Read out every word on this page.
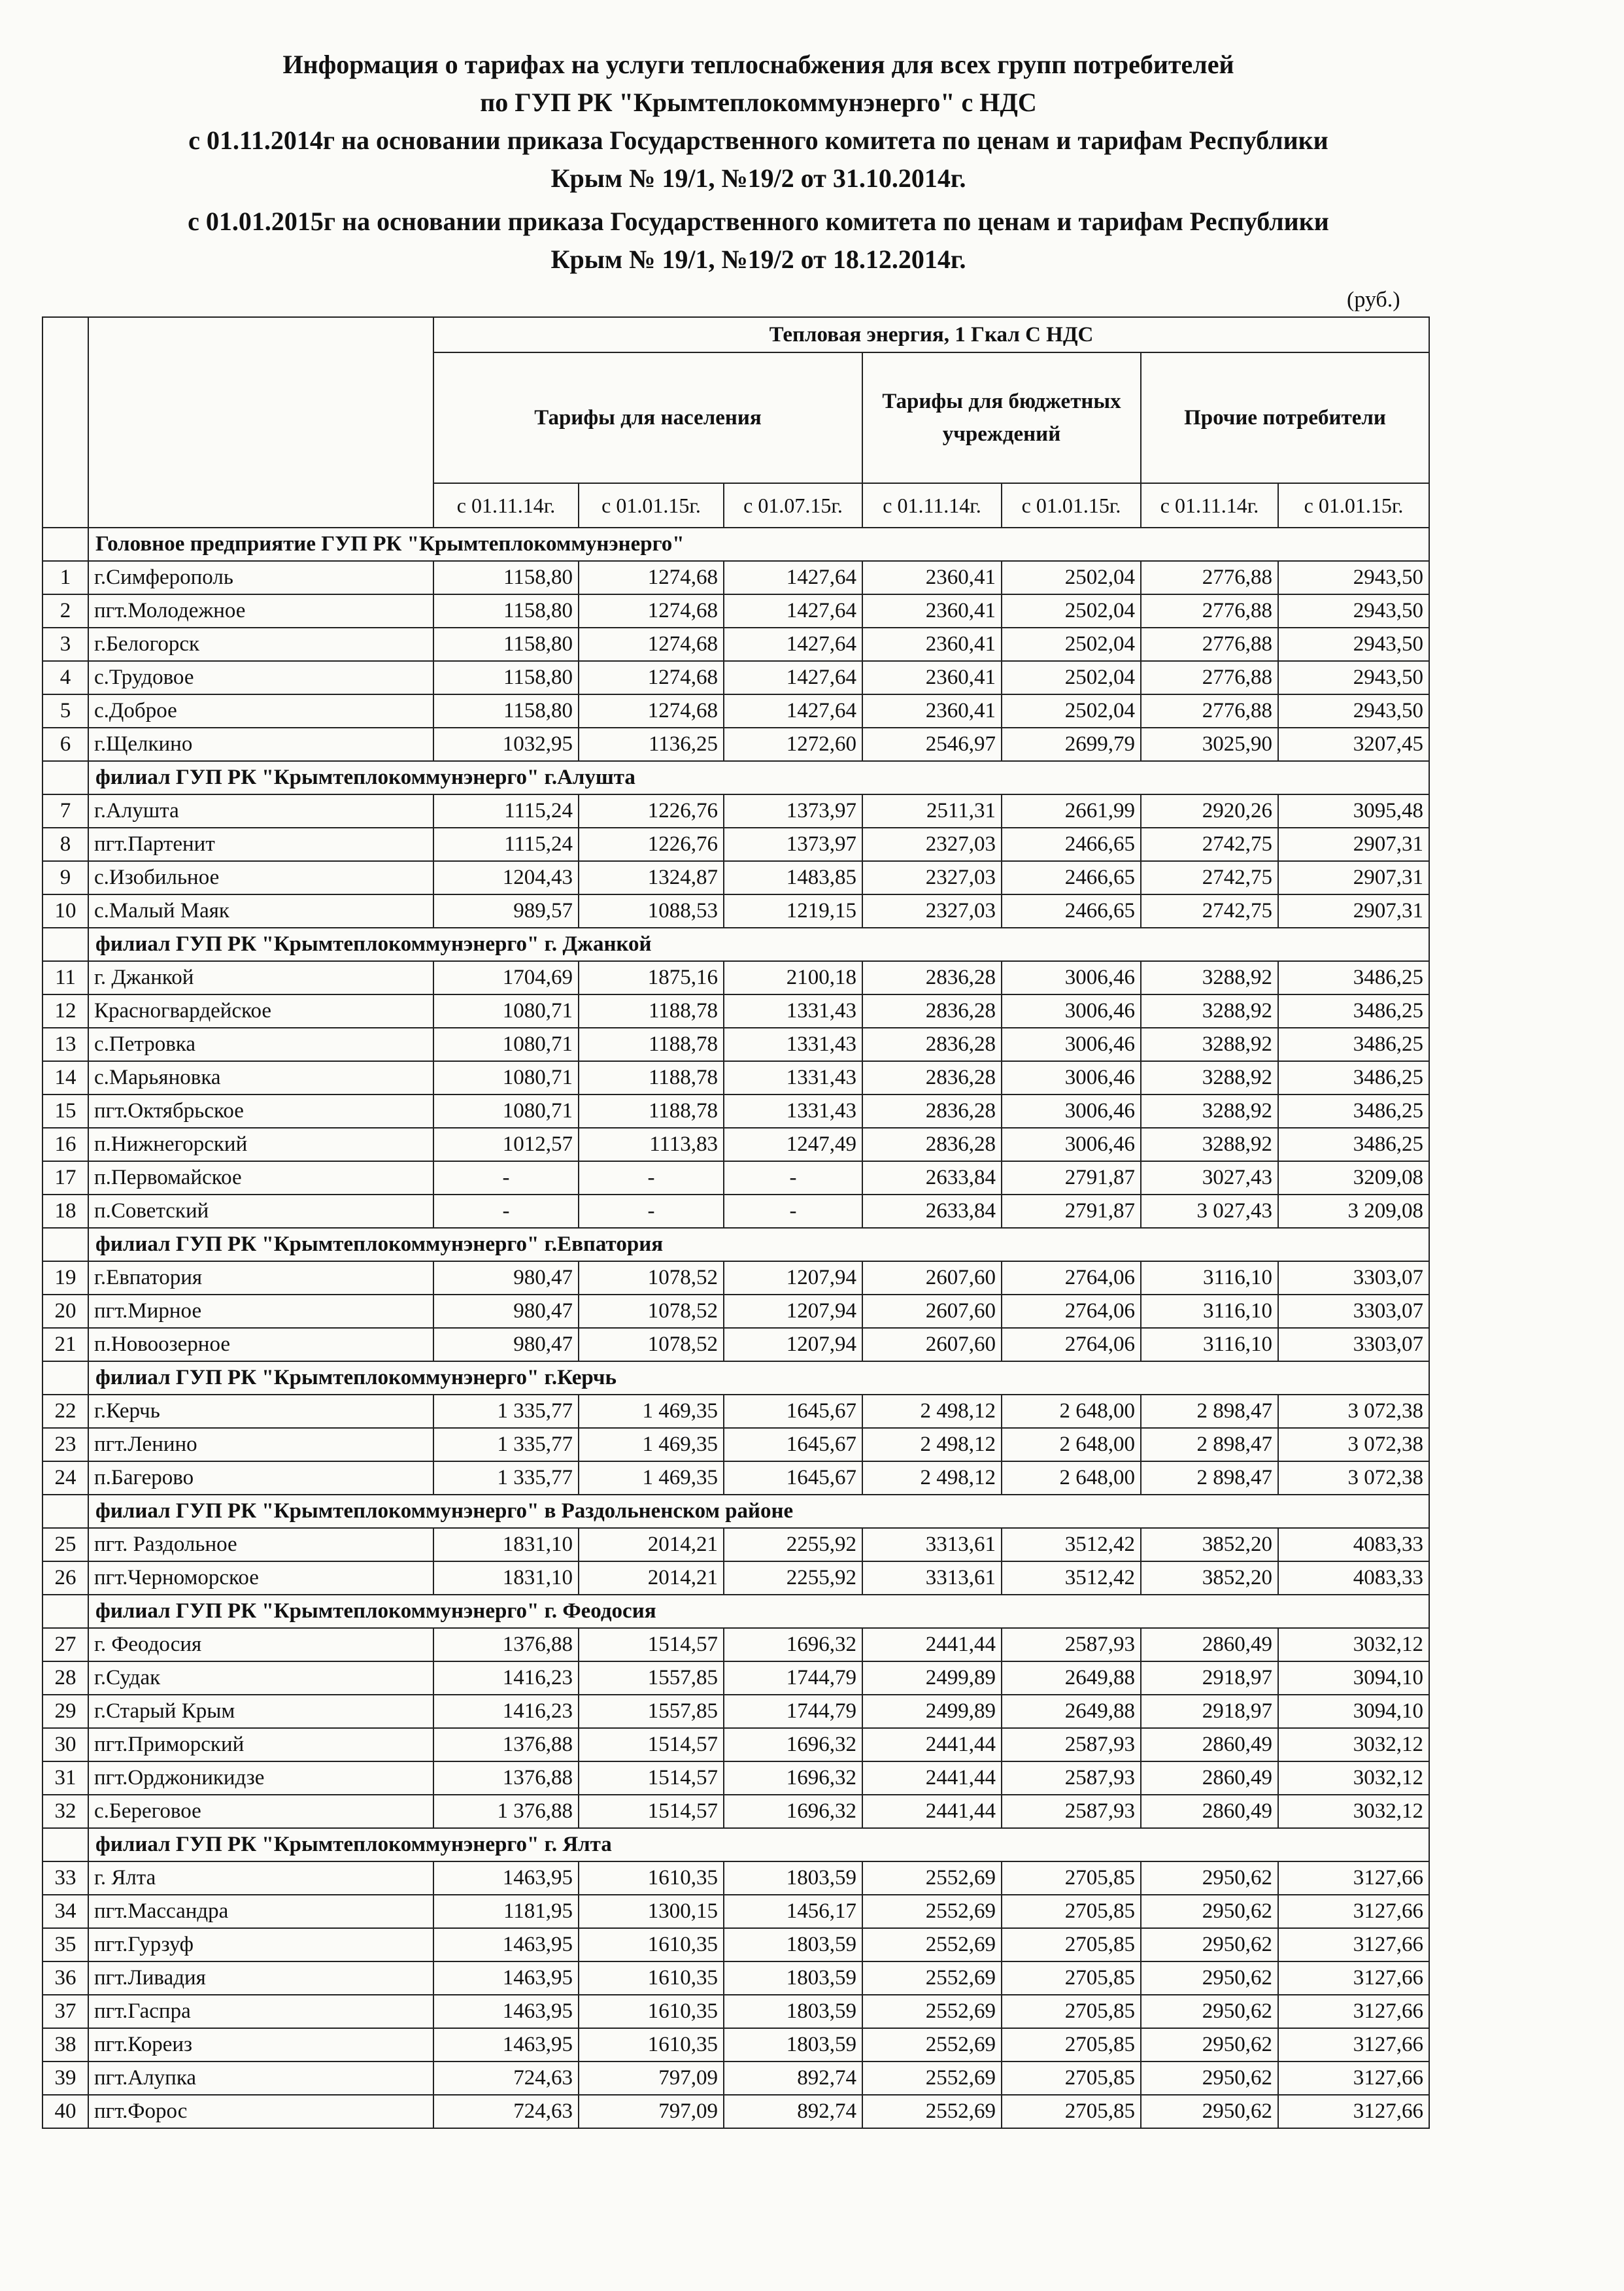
Информация о тарифах на услуги теплоснабжения для всех групп потребителей
по ГУП РК "Крымтеплокоммунэнерго" с НДС
с 01.11.2014г на основании приказа Государственного комитета по ценам и тарифам Республики
Крым № 19/1, №19/2 от 31.10.2014г.
с 01.01.2015г на основании приказа Государственного комитета по ценам и тарифам Республики
Крым № 19/1, №19/2 от 18.12.2014г.
(руб.)
		Тепловая энергия, 1 Гкал С НДС						
		Тарифы для населения			Тарифы для бюджетных учреждений		Прочие потребители	
		с 01.11.14г.	с 01.01.15г.	с 01.07.15г.	с 01.11.14г.	с 01.01.15г.	с 01.11.14г.	с 01.01.15г.
	Головное предприятие ГУП РК "Крымтеплокоммунэнерго"							
1	г.Симферополь	1158,80	1274,68	1427,64	2360,41	2502,04	2776,88	2943,50
2	пгт.Молодежное	1158,80	1274,68	1427,64	2360,41	2502,04	2776,88	2943,50
3	г.Белогорск	1158,80	1274,68	1427,64	2360,41	2502,04	2776,88	2943,50
4	с.Трудовое	1158,80	1274,68	1427,64	2360,41	2502,04	2776,88	2943,50
5	с.Доброе	1158,80	1274,68	1427,64	2360,41	2502,04	2776,88	2943,50
6	г.Щелкино	1032,95	1136,25	1272,60	2546,97	2699,79	3025,90	3207,45
	филиал ГУП РК "Крымтеплокоммунэнерго" г.Алушта							
7	г.Алушта	1115,24	1226,76	1373,97	2511,31	2661,99	2920,26	3095,48
8	пгт.Партенит	1115,24	1226,76	1373,97	2327,03	2466,65	2742,75	2907,31
9	с.Изобильное	1204,43	1324,87	1483,85	2327,03	2466,65	2742,75	2907,31
10	с.Малый Маяк	989,57	1088,53	1219,15	2327,03	2466,65	2742,75	2907,31
	филиал ГУП РК "Крымтеплокоммунэнерго" г. Джанкой							
11	г. Джанкой	1704,69	1875,16	2100,18	2836,28	3006,46	3288,92	3486,25
12	Красногвардейское	1080,71	1188,78	1331,43	2836,28	3006,46	3288,92	3486,25
13	с.Петровка	1080,71	1188,78	1331,43	2836,28	3006,46	3288,92	3486,25
14	с.Марьяновка	1080,71	1188,78	1331,43	2836,28	3006,46	3288,92	3486,25
15	пгт.Октябрьское	1080,71	1188,78	1331,43	2836,28	3006,46	3288,92	3486,25
16	п.Нижнегорский	1012,57	1113,83	1247,49	2836,28	3006,46	3288,92	3486,25
17	п.Первомайское	-	-	-	2633,84	2791,87	3027,43	3209,08
18	п.Советский	-	-	-	2633,84	2791,87	3 027,43	3 209,08
	филиал ГУП РК "Крымтеплокоммунэнерго" г.Евпатория							
19	г.Евпатория	980,47	1078,52	1207,94	2607,60	2764,06	3116,10	3303,07
20	пгт.Мирное	980,47	1078,52	1207,94	2607,60	2764,06	3116,10	3303,07
21	п.Новоозерное	980,47	1078,52	1207,94	2607,60	2764,06	3116,10	3303,07
	филиал ГУП РК "Крымтеплокоммунэнерго" г.Керчь							
22	г.Керчь	1 335,77	1 469,35	1645,67	2 498,12	2 648,00	2 898,47	3 072,38
23	пгт.Ленино	1 335,77	1 469,35	1645,67	2 498,12	2 648,00	2 898,47	3 072,38
24	п.Багерово	1 335,77	1 469,35	1645,67	2 498,12	2 648,00	2 898,47	3 072,38
	филиал ГУП РК "Крымтеплокоммунэнерго" в Раздольненском районе							
25	пгт. Раздольное	1831,10	2014,21	2255,92	3313,61	3512,42	3852,20	4083,33
26	пгт.Черноморское	1831,10	2014,21	2255,92	3313,61	3512,42	3852,20	4083,33
	филиал ГУП РК "Крымтеплокоммунэнерго" г. Феодосия							
27	г. Феодосия	1376,88	1514,57	1696,32	2441,44	2587,93	2860,49	3032,12
28	г.Судак	1416,23	1557,85	1744,79	2499,89	2649,88	2918,97	3094,10
29	г.Старый Крым	1416,23	1557,85	1744,79	2499,89	2649,88	2918,97	3094,10
30	пгт.Приморский	1376,88	1514,57	1696,32	2441,44	2587,93	2860,49	3032,12
31	пгт.Орджоникидзе	1376,88	1514,57	1696,32	2441,44	2587,93	2860,49	3032,12
32	с.Береговое	1 376,88	1514,57	1696,32	2441,44	2587,93	2860,49	3032,12
	филиал ГУП РК "Крымтеплокоммунэнерго" г. Ялта							
33	г. Ялта	1463,95	1610,35	1803,59	2552,69	2705,85	2950,62	3127,66
34	пгт.Массандра	1181,95	1300,15	1456,17	2552,69	2705,85	2950,62	3127,66
35	пгт.Гурзуф	1463,95	1610,35	1803,59	2552,69	2705,85	2950,62	3127,66
36	пгт.Ливадия	1463,95	1610,35	1803,59	2552,69	2705,85	2950,62	3127,66
37	пгт.Гаспра	1463,95	1610,35	1803,59	2552,69	2705,85	2950,62	3127,66
38	пгт.Кореиз	1463,95	1610,35	1803,59	2552,69	2705,85	2950,62	3127,66
39	пгт.Алупка	724,63	797,09	892,74	2552,69	2705,85	2950,62	3127,66
40	пгт.Форос	724,63	797,09	892,74	2552,69	2705,85	2950,62	3127,66
